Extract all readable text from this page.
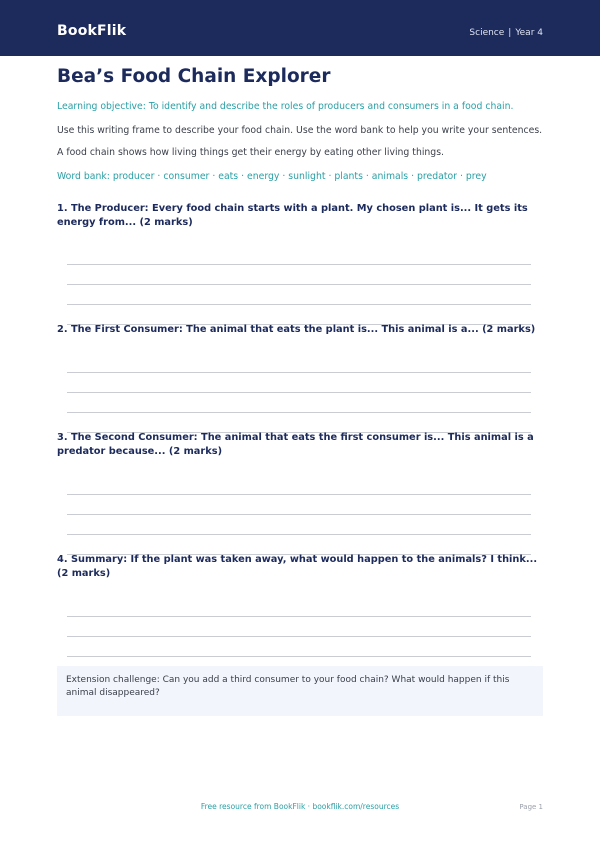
BookFlik	Science | Year 4
Bea’s Food Chain Explorer
Learning objective: To identify and describe the roles of producers and consumers in a food chain.
Use this writing frame to describe your food chain. Use the word bank to help you write your sentences.
A food chain shows how living things get their energy by eating other living things.
Word bank: producer · consumer · eats · energy · sunlight · plants · animals · predator · prey
1. The Producer: Every food chain starts with a plant. My chosen plant is... It gets its energy from... (2 marks)
2. The First Consumer: The animal that eats the plant is... This animal is a... (2 marks)
3. The Second Consumer: The animal that eats the first consumer is... This animal is a predator because... (2 marks)
4. Summary: If the plant was taken away, what would happen to the animals? I think... (2 marks)
Extension challenge: Can you add a third consumer to your food chain? What would happen if this animal disappeared?
Free resource from BookFlik · bookflik.com/resources	Page 1
